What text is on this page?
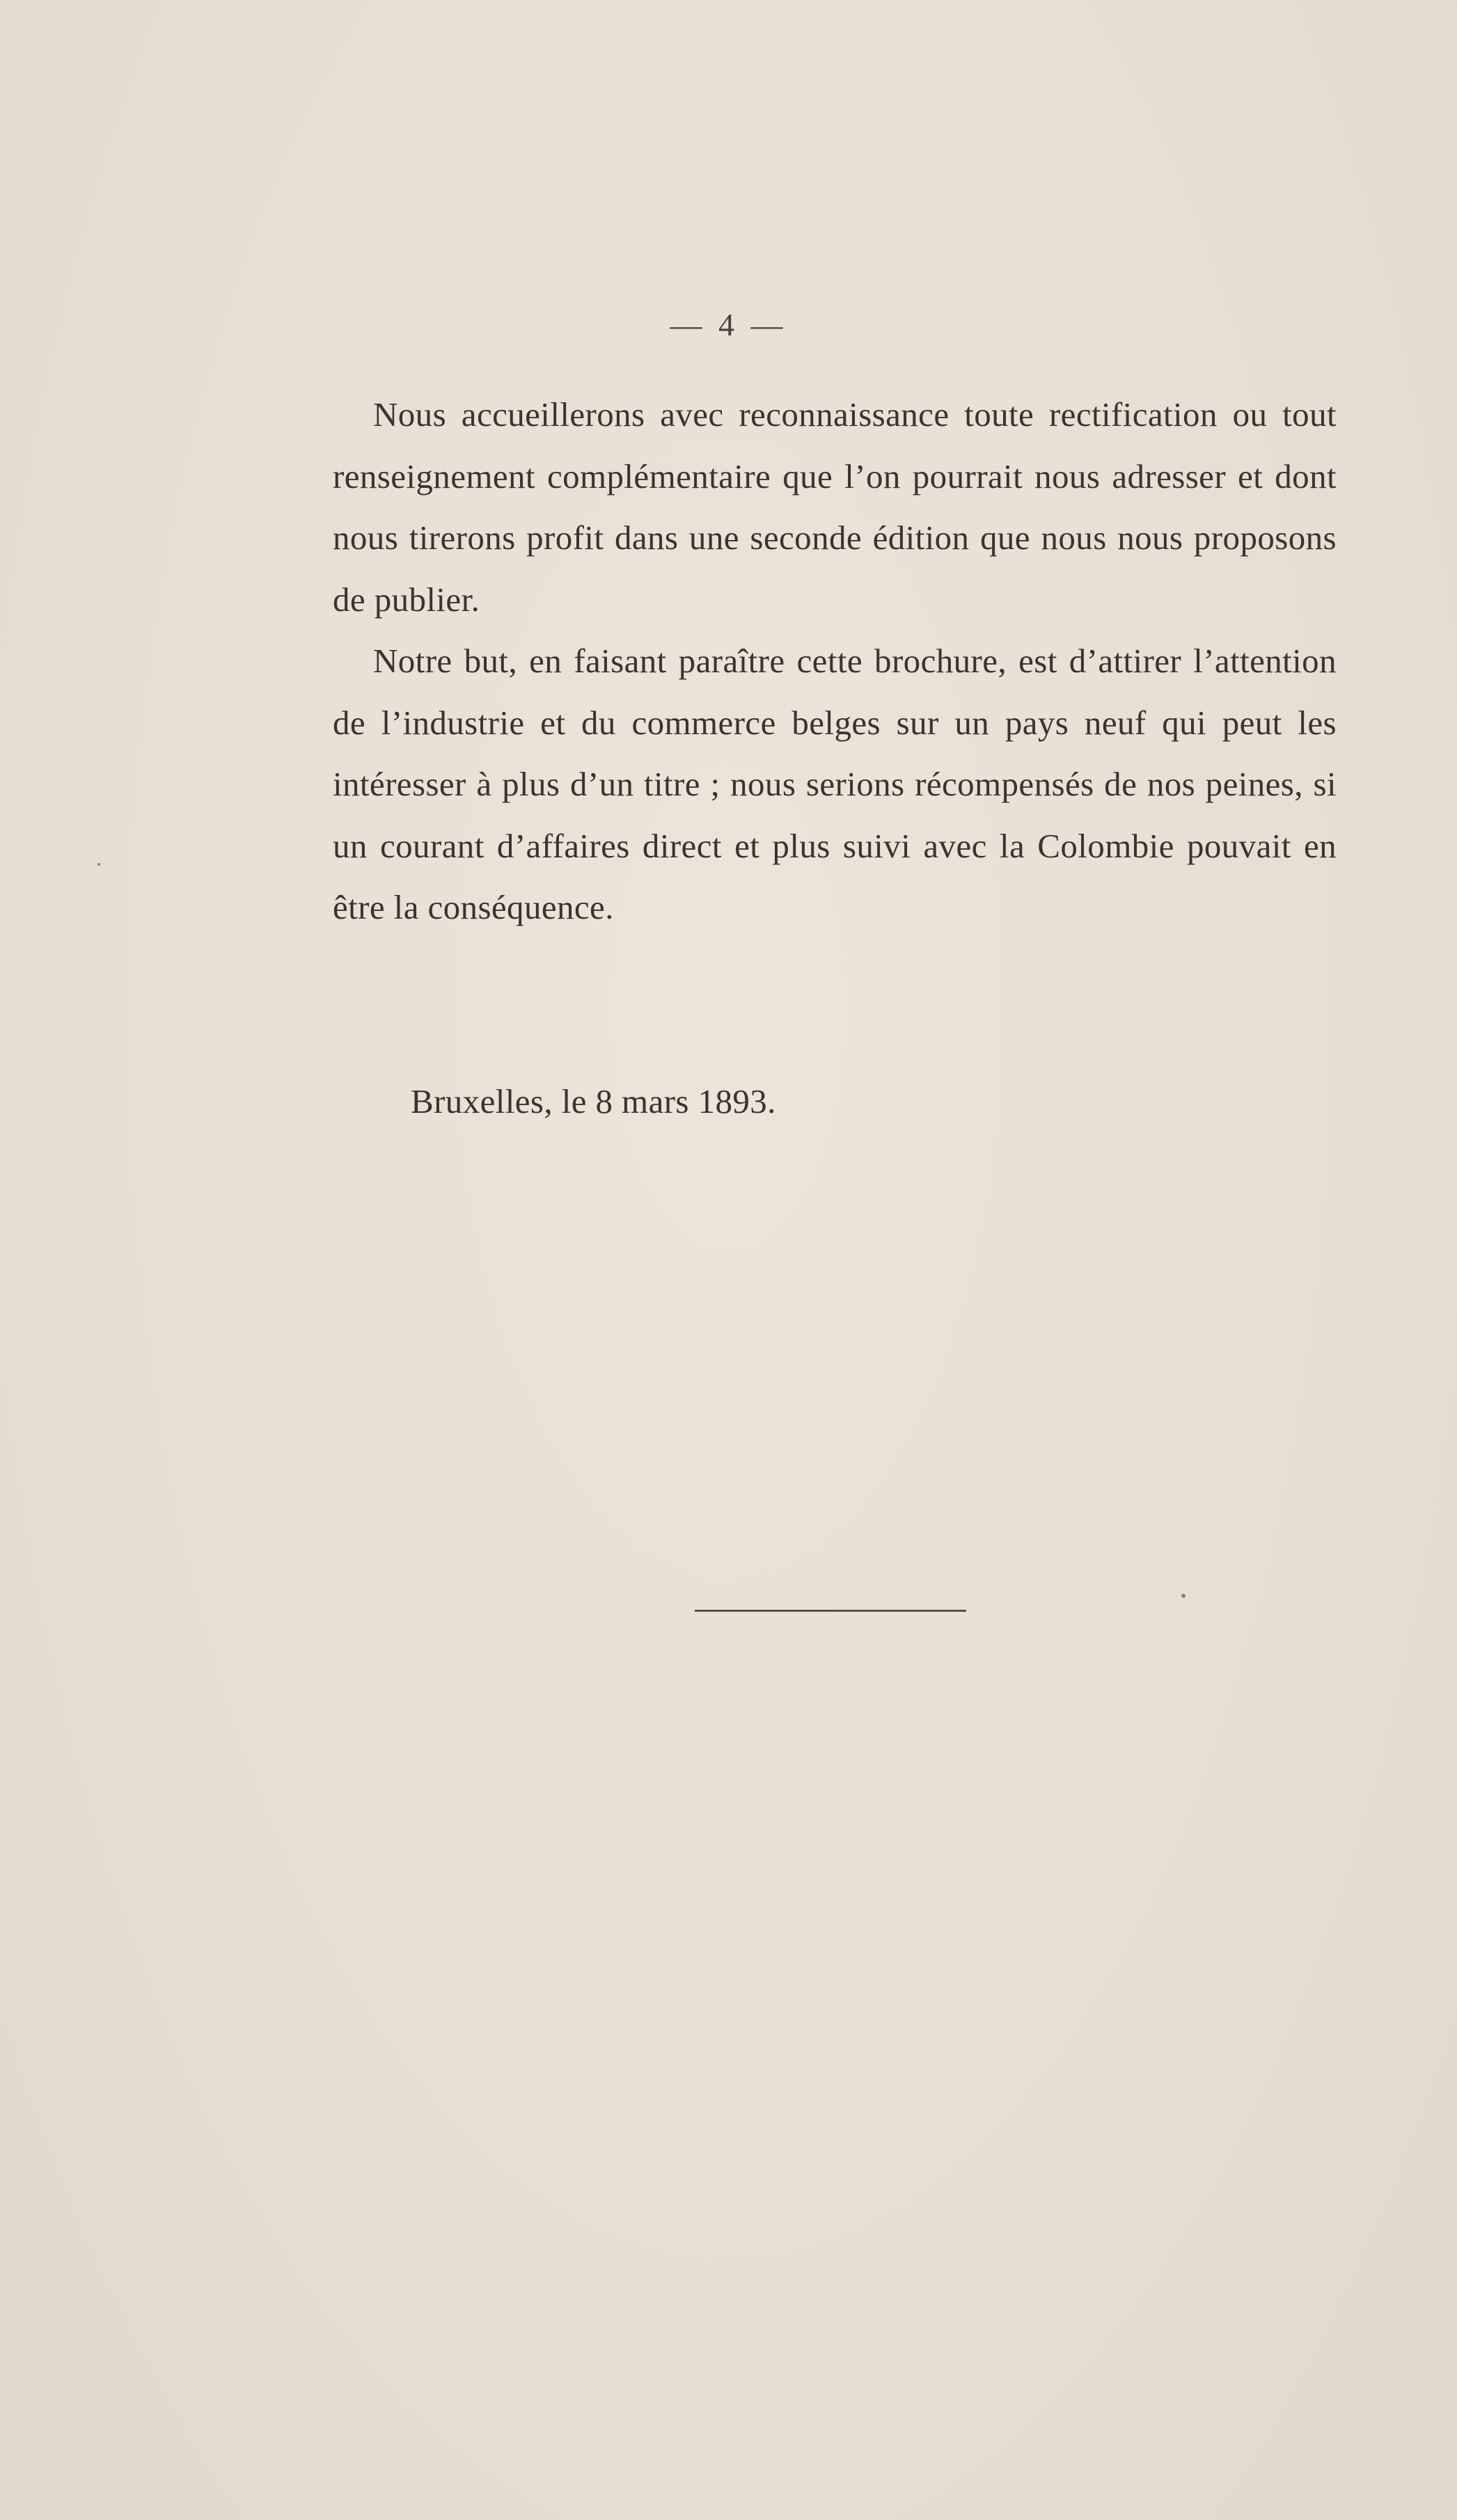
— 4 —

Nous accueillerons avec reconnaissance toute rectification ou tout renseignement complémentaire que l’on pourrait nous adresser et dont nous tirerons profit dans une seconde édition que nous nous proposons de publier.

Notre but, en faisant paraître cette brochure, est d’attirer l’attention de l’industrie et du commerce belges sur un pays neuf qui peut les intéresser à plus d’un titre ; nous serions récompensés de nos peines, si un courant d’affaires direct et plus suivi avec la Colombie pouvait en être la conséquence.

Bruxelles, le 8 mars 1893.
